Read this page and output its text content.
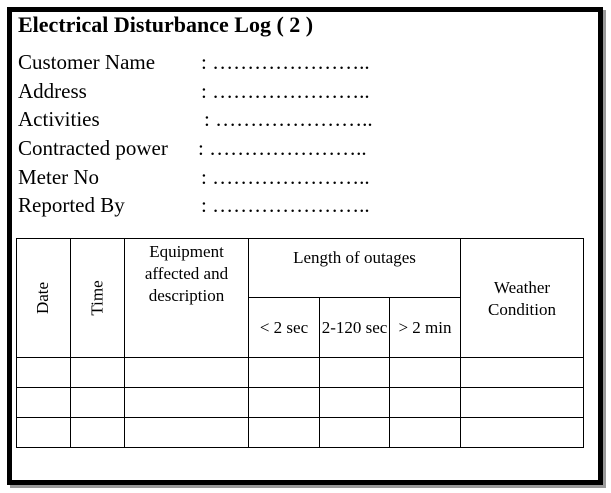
Electrical Disturbance Log ( 2 )
Customer Name : …………………..
Address	: …………………..
Activities	: …………………..
Contracted power : …………………..
Meter No	: …………………..
Reported By	: …………………..
Date	Time	Equipment affected and description	Length of outages			Weather Condition
			< 2 sec	2-120 sec	> 2 min	
